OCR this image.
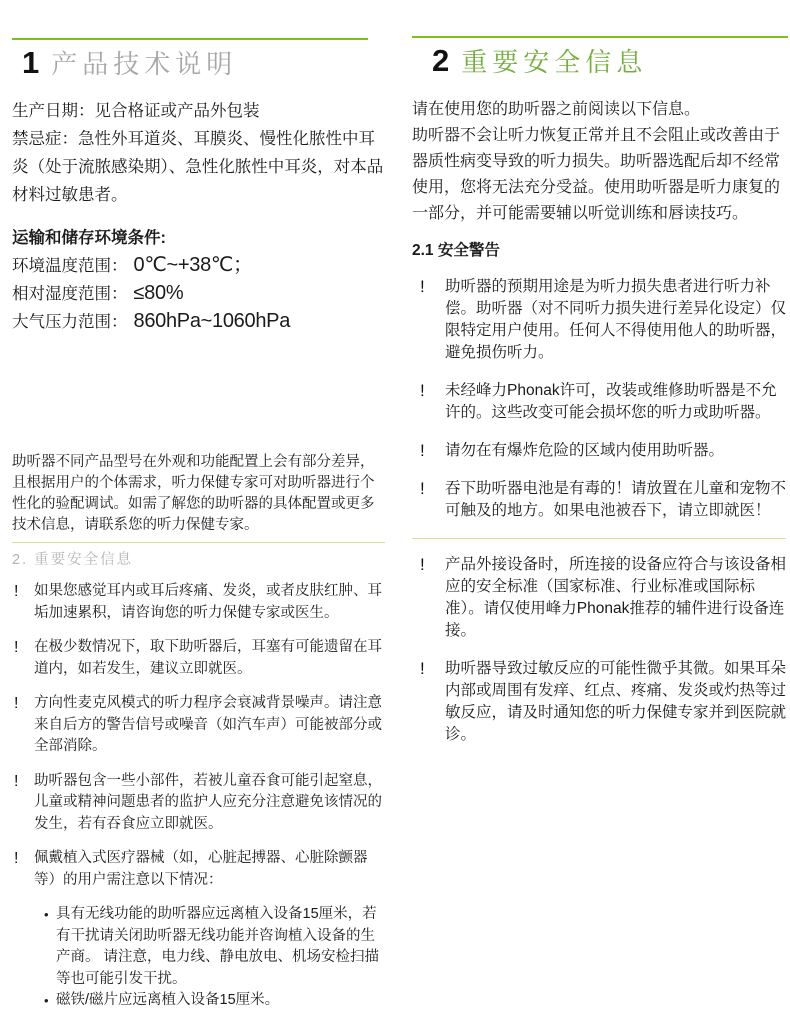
1 产品技术说明

生产日期：见合格证或产品外包装

禁忌症：急性外耳道炎、耳膜炎、慢性化脓性中耳炎（处于流脓感染期）、急性化脓性中耳炎，对本品材料过敏患者。

运输和储存环境条件:

环境温度范围： 0℃~+38℃；
相对湿度范围： ≤80%
大气压力范围： 860hPa~1060hPa

助听器不同产品型号在外观和功能配置上会有部分差异，且根据用户的个体需求，听力保健专家可对助听器进行个性化的验配调试。如需了解您的助听器的具体配置或更多技术信息，请联系您的听力保健专家。

2. 重要安全信息

!	如果您感觉耳内或耳后疼痛、发炎，或者皮肤红肿、耳垢加速累积，请咨询您的听力保健专家或医生。
!	在极少数情况下，取下助听器后，耳塞有可能遗留在耳道内，如若发生，建议立即就医。
!	方向性麦克风模式的听力程序会衰减背景噪声。请注意来自后方的警告信号或噪音（如汽车声）可能被部分或全部消除。
!	助听器包含一些小部件，若被儿童吞食可能引起窒息，儿童或精神问题患者的监护人应充分注意避免该情况的发生，若有吞食应立即就医。
!	佩戴植入式医疗器械（如，心脏起搏器、心脏除颤器等）的用户需注意以下情况：
• 具有无线功能的助听器应远离植入设备15厘米，若有干扰请关闭助听器无线功能并咨询植入设备的生产商。 请注意，电力线、静电放电、机场安检扫描等也可能引发干扰。
• 磁铁/磁片应远离植入设备15厘米。
2 重要安全信息

请在使用您的助听器之前阅读以下信息。

助听器不会让听力恢复正常并且不会阻止或改善由于器质性病变导致的听力损失。助听器选配后却不经常使用，您将无法充分受益。使用助听器是听力康复的一部分，并可能需要辅以听觉训练和唇读技巧。

2.1 安全警告

!	助听器的预期用途是为听力损失患者进行听力补偿。助听器（对不同听力损失进行差异化设定）仅限特定用户使用。任何人不得使用他人的助听器，避免损伤听力。
!	未经峰力Phonak许可，改装或维修助听器是不允许的。这些改变可能会损坏您的听力或助听器。
!	请勿在有爆炸危险的区域内使用助听器。
!	吞下助听器电池是有毒的！请放置在儿童和宠物不可触及的地方。如果电池被吞下，请立即就医！
!	产品外接设备时，所连接的设备应符合与该设备相应的安全标准（国家标准、行业标准或国际标准）。请仅使用峰力Phonak推荐的辅件进行设备连接。
!	助听器导致过敏反应的可能性微乎其微。如果耳朵内部或周围有发痒、红点、疼痛、发炎或灼热等过敏反应，请及时通知您的听力保健专家并到医院就诊。
